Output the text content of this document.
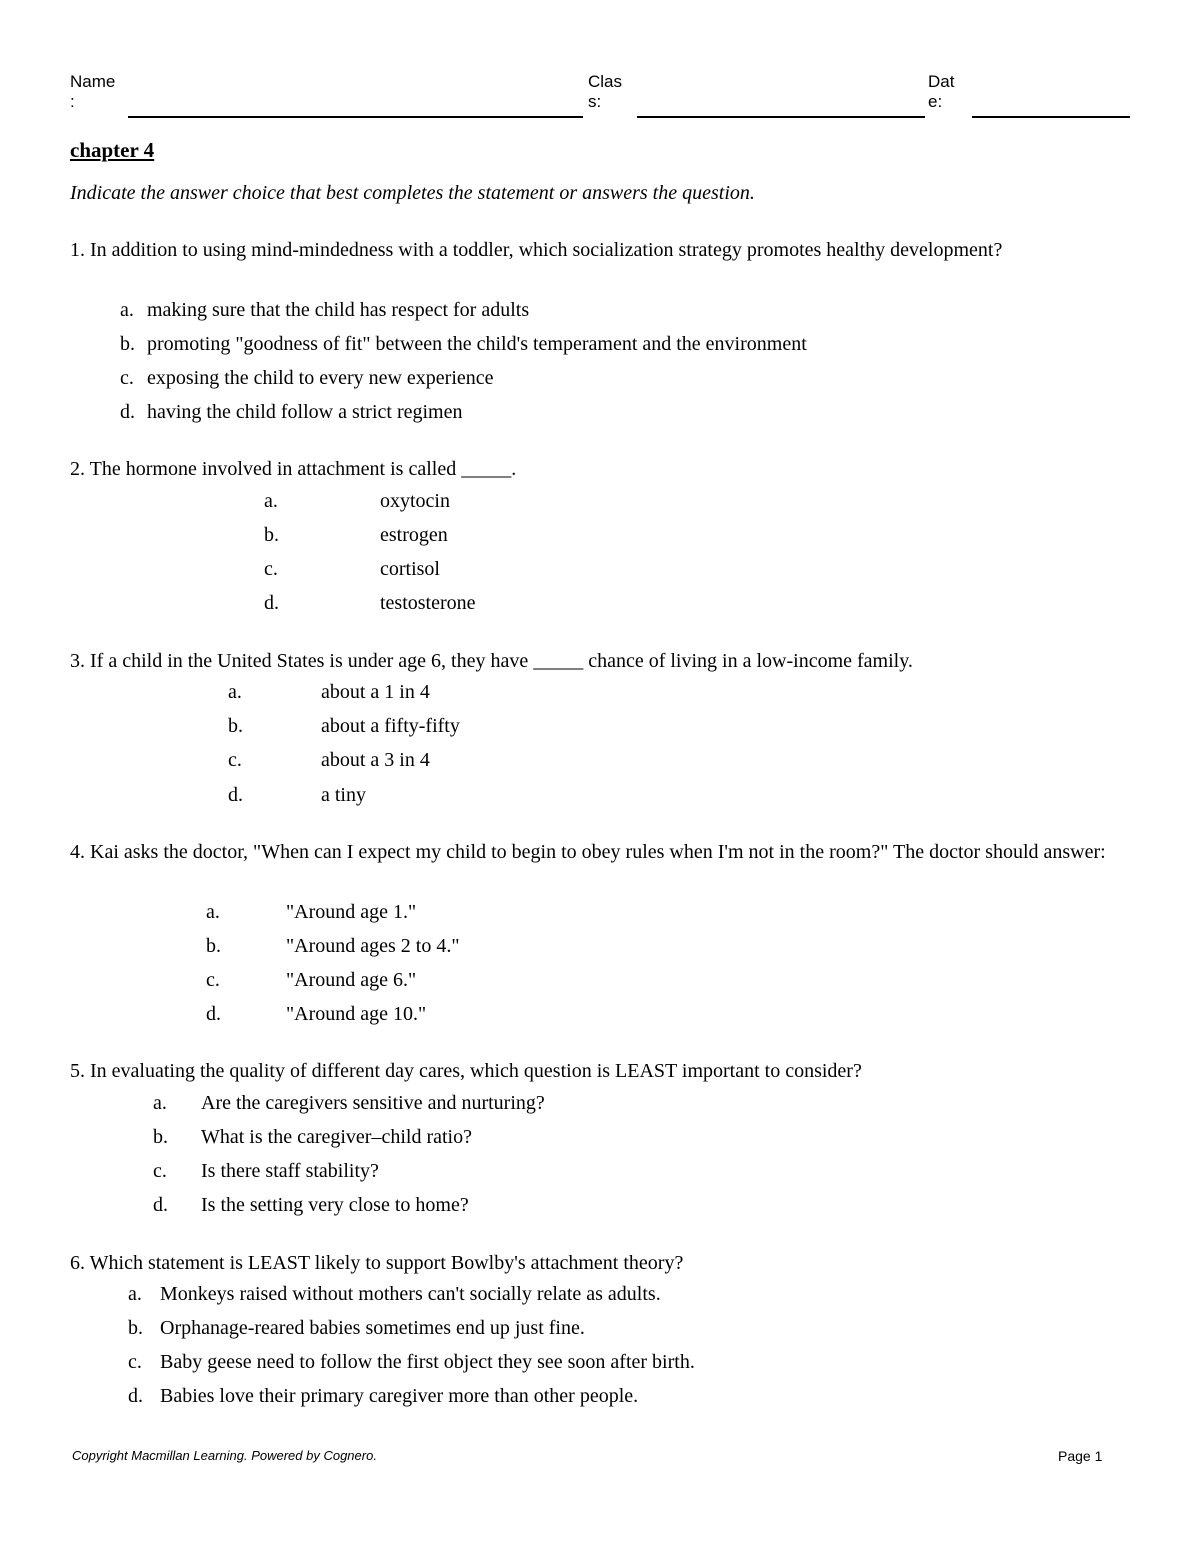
Name
:
Clas
s:
Dat
e:
chapter 4
Indicate the answer choice that best completes the statement or answers the question.
1. In addition to using mind-mindedness with a toddler, which socialization strategy promotes healthy development?
a. making sure that the child has respect for adults
b. promoting "goodness of fit" between the child's temperament and the environment
c. exposing the child to every new experience
d. having the child follow a strict regimen
2. The hormone involved in attachment is called _____.
a.	oxytocin
b.	estrogen
c.	cortisol
d.	testosterone
3. If a child in the United States is under age 6, they have _____ chance of living in a low-income family.
a.	about a 1 in 4
b.	about a fifty-fifty
c.	about a 3 in 4
d.	a tiny
4. Kai asks the doctor, "When can I expect my child to begin to obey rules when I'm not in the room?" The doctor should answer:
a.	"Around age 1."
b.	"Around ages 2 to 4."
c.	"Around age 6."
d.	"Around age 10."
5. In evaluating the quality of different day cares, which question is LEAST important to consider?
a. Are the caregivers sensitive and nurturing?
b. What is the caregiver–child ratio?
c. Is there staff stability?
d. Is the setting very close to home?
6. Which statement is LEAST likely to support Bowlby's attachment theory?
a. Monkeys raised without mothers can't socially relate as adults.
b. Orphanage-reared babies sometimes end up just fine.
c. Baby geese need to follow the first object they see soon after birth.
d. Babies love their primary caregiver more than other people.
Copyright Macmillan Learning. Powered by Cognero.	Page 1
